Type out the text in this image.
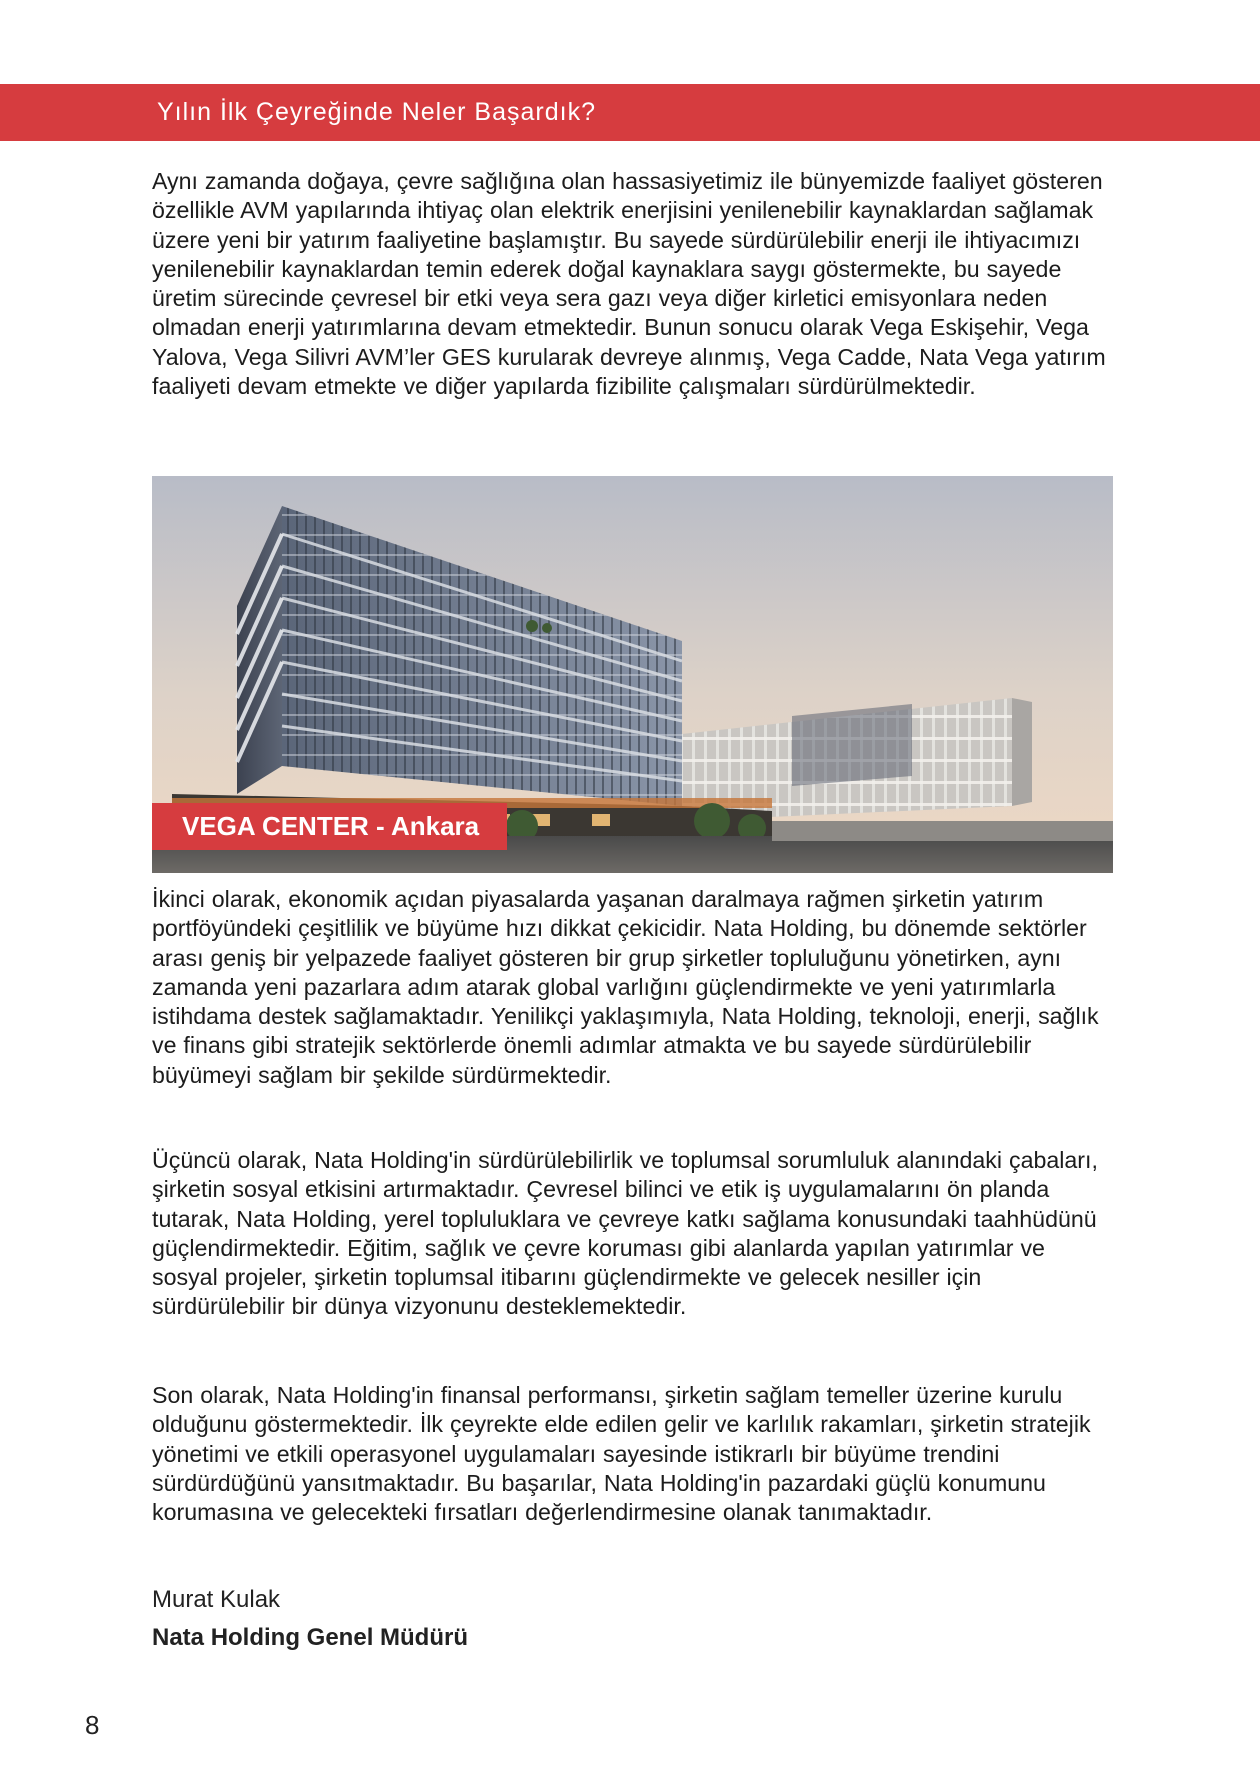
Yılın İlk Çeyreğinde Neler Başardık?

Aynı zamanda doğaya, çevre sağlığına olan hassasiyetimiz ile bünyemizde faaliyet gösteren özellikle AVM yapılarında ihtiyaç olan elektrik enerjisini yenilenebilir kaynaklardan sağlamak üzere yeni bir yatırım faaliyetine başlamıştır. Bu sayede sürdürülebilir enerji ile ihtiyacımızı yenilenebilir kaynaklardan temin ederek doğal kaynaklara saygı göstermekte, bu sayede üretim sürecinde çevresel bir etki veya sera gazı veya diğer kirletici emisyonlara neden olmadan enerji yatırımlarına devam etmektedir. Bunun sonucu olarak Vega Eskişehir, Vega Yalova, Vega Silivri AVM’ler GES kurularak devreye alınmış, Vega Cadde, Nata Vega yatırım faaliyeti devam etmekte ve diğer yapılarda fizibilite çalışmaları sürdürülmektedir.

VEGA CENTER - Ankara

İkinci olarak, ekonomik açıdan piyasalarda yaşanan daralmaya rağmen şirketin yatırım portföyündeki çeşitlilik ve büyüme hızı dikkat çekicidir. Nata Holding, bu dönemde sektörler arası geniş bir yelpazede faaliyet gösteren bir grup şirketler topluluğunu yönetirken, aynı zamanda yeni pazarlara adım atarak global varlığını güçlendirmekte ve yeni yatırımlarla istihdama destek sağlamaktadır. Yenilikçi yaklaşımıyla, Nata Holding, teknoloji, enerji, sağlık ve finans gibi stratejik sektörlerde önemli adımlar atmakta ve bu sayede sürdürülebilir büyümeyi sağlam bir şekilde sürdürmektedir.

Üçüncü olarak, Nata Holding'in sürdürülebilirlik ve toplumsal sorumluluk alanındaki çabaları, şirketin sosyal etkisini artırmaktadır. Çevresel bilinci ve etik iş uygulamalarını ön planda tutarak, Nata Holding, yerel topluluklara ve çevreye katkı sağlama konusundaki taahhüdünü güçlendirmektedir. Eğitim, sağlık ve çevre koruması gibi alanlarda yapılan yatırımlar ve sosyal projeler, şirketin toplumsal itibarını güçlendirmekte ve gelecek nesiller için sürdürülebilir bir dünya vizyonunu desteklemektedir.

Son olarak, Nata Holding'in finansal performansı, şirketin sağlam temeller üzerine kurulu olduğunu göstermektedir. İlk çeyrekte elde edilen gelir ve karlılık rakamları, şirketin stratejik yönetimi ve etkili operasyonel uygulamaları sayesinde istikrarlı bir büyüme trendini sürdürdüğünü yansıtmaktadır. Bu başarılar, Nata Holding'in pazardaki güçlü konumunu korumasına ve gelecekteki fırsatları değerlendirmesine olanak tanımaktadır.

Murat Kulak
Nata Holding Genel Müdürü
8
